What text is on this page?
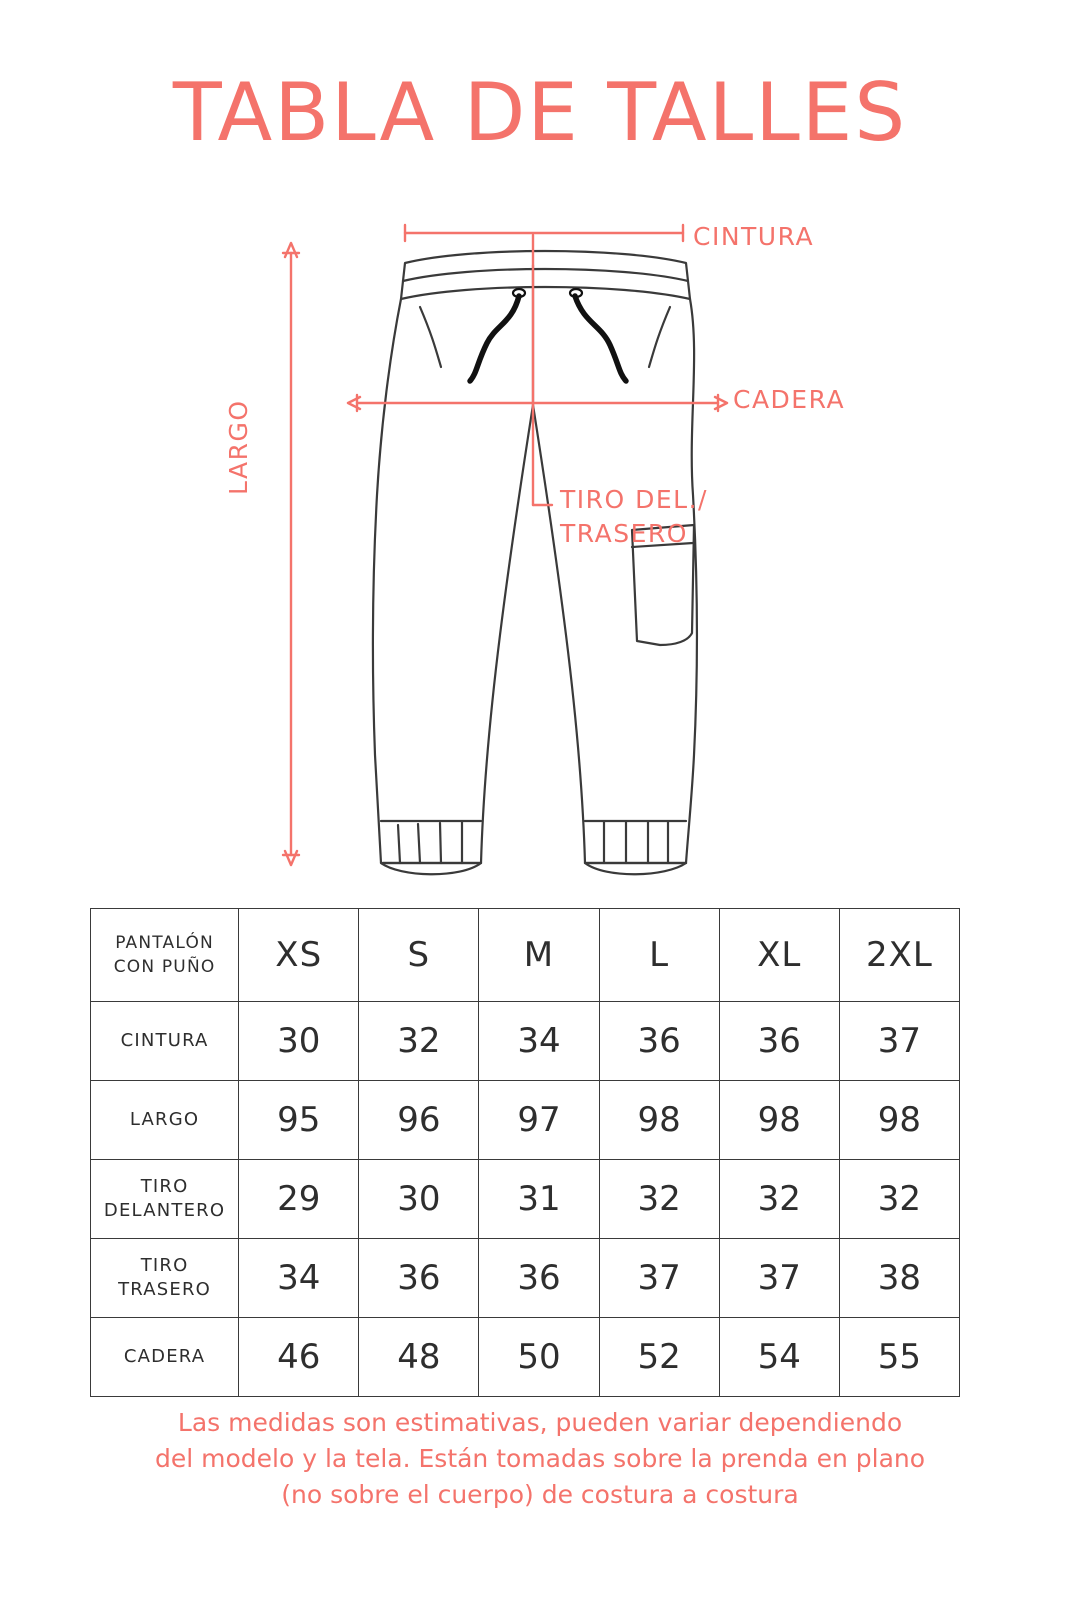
TABLA DE TALLES
CINTURA
CADERA
TIRO DEL./
TRASERO
LARGO
PANTALÓN
CON PUÑO	XS	S	M	L	XL	2XL
CINTURA	30	32	34	36	36	37
LARGO	95	96	97	98	98	98
TIRO
DELANTERO	29	30	31	32	32	32
TIRO
TRASERO	34	36	36	37	37	38
CADERA	46	48	50	52	54	55
Las medidas son estimativas, pueden variar dependiendo
del modelo y la tela. Están tomadas sobre la prenda en plano
(no sobre el cuerpo) de costura a costura
